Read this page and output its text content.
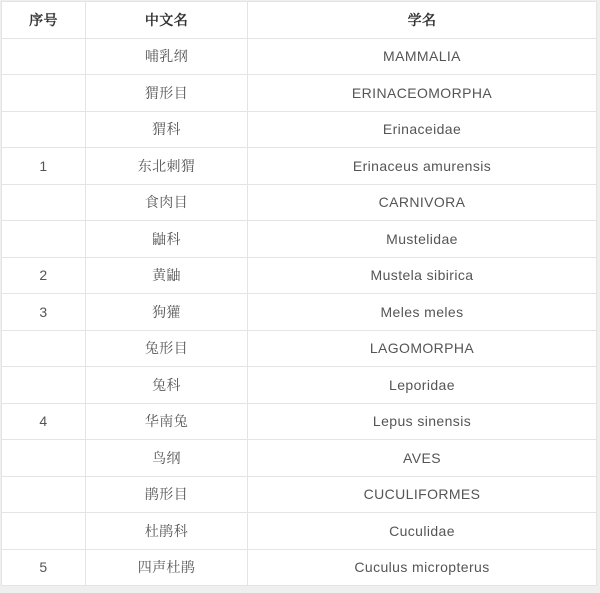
序号	中文名	学名
	哺乳纲	MAMMALIA
	猬形目	ERINACEOMORPHA
	猬科	Erinaceidae
1	东北刺猬	Erinaceus amurensis
	食肉目	CARNIVORA
	鼬科	Mustelidae
2	黄鼬	Mustela sibirica
3	狗獾	Meles meles
	兔形目	LAGOMORPHA
	兔科	Leporidae
4	华南兔	Lepus sinensis
	鸟纲	AVES
	鹃形目	CUCULIFORMES
	杜鹃科	Cuculidae
5	四声杜鹃	Cuculus micropterus
